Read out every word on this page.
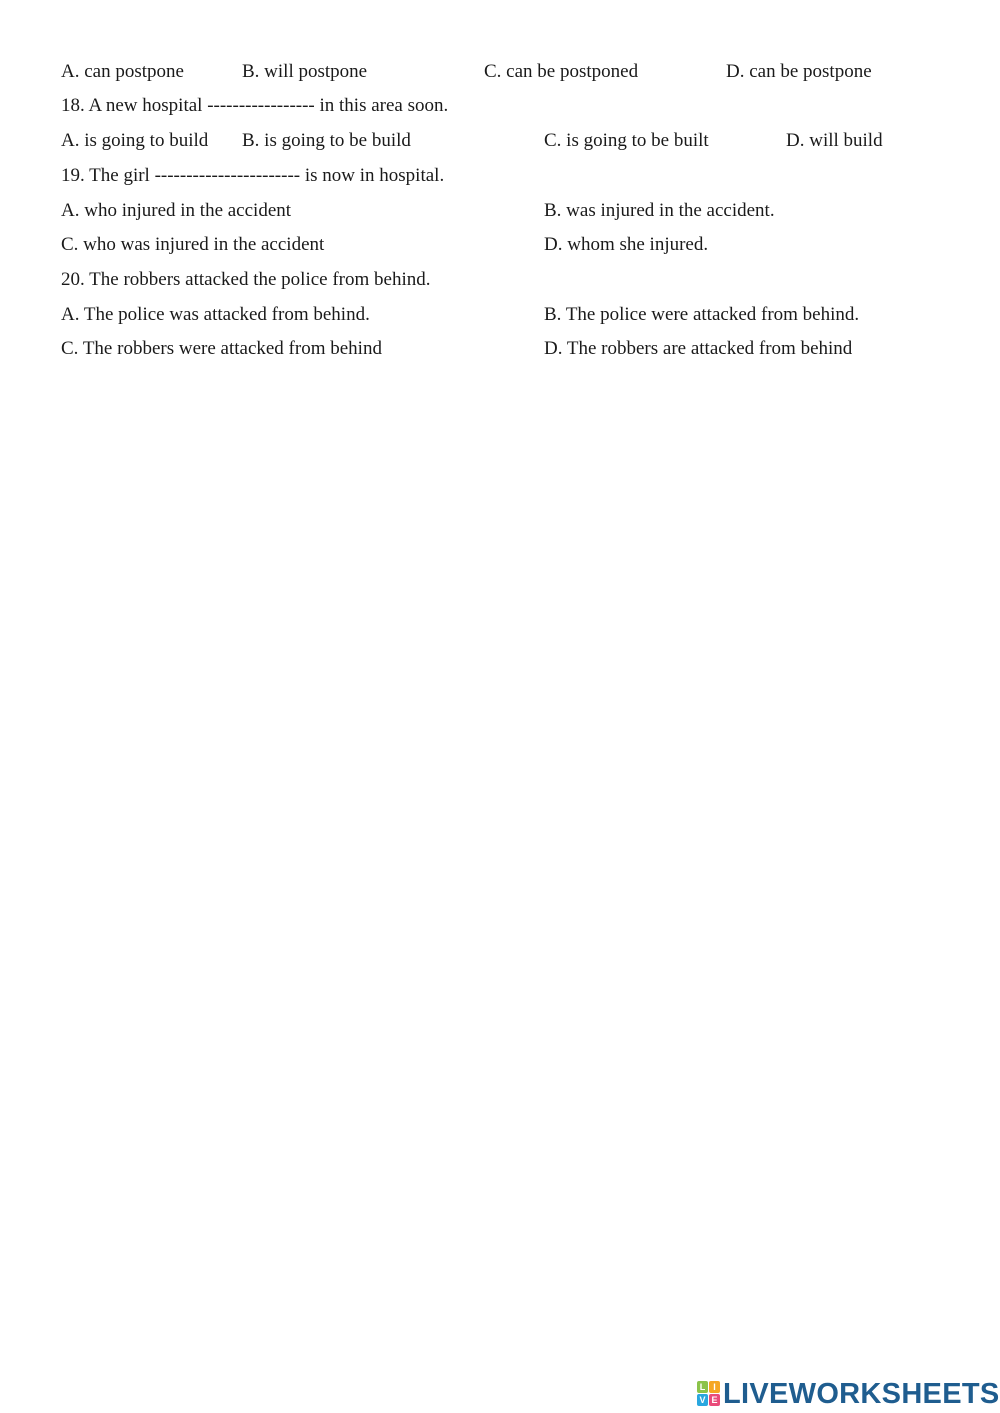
A. can postpone	B. will postpone	C. can be postponed	D. can be postpone
18. A new hospital ----------------- in this area soon.
A. is going to build B. is going to be build	C. is going to be built	D. will build
19. The girl ----------------------- is now in hospital.
A. who injured in the accident	B. was injured in the accident.
C. who was injured in the accident	D. whom she injured.
20. The robbers attacked the police from behind.
A. The police was attacked from behind.	B. The police were attacked from behind.
C. The robbers were attacked from behind	D. The robbers are attacked from behind
L I
V E LIVEWORKSHEETS
